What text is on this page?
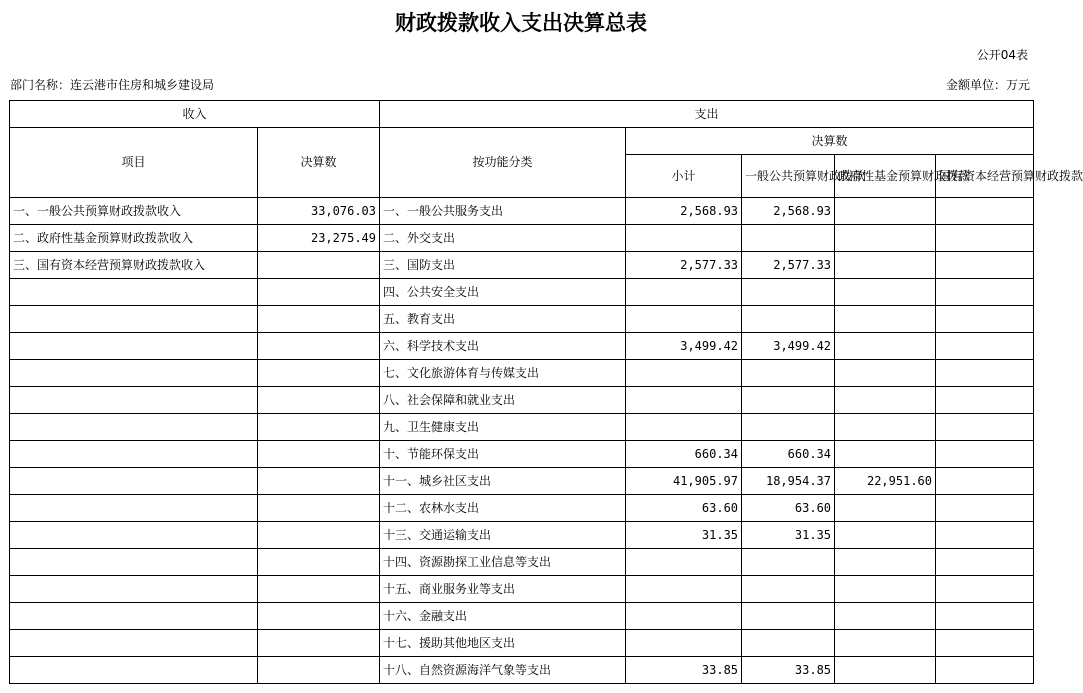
财政拨款收入支出决算总表
公开04表
部门名称：连云港市住房和城乡建设局	金额单位：万元
收入		支出				
项目	决算数	按功能分类	决算数			
			小计	一般公共预算财政拨款	政府性基金预算财政拨款	国有资本经营预算财政拨款
一、一般公共预算财政拨款收入	33,076.03	一、一般公共服务支出	2,568.93	2,568.93		
二、政府性基金预算财政拨款收入	23,275.49	二、外交支出				
三、国有资本经营预算财政拨款收入		三、国防支出	2,577.33	2,577.33		
		四、公共安全支出				
		五、教育支出				
		六、科学技术支出	3,499.42	3,499.42		
		七、文化旅游体育与传媒支出				
		八、社会保障和就业支出				
		九、卫生健康支出				
		十、节能环保支出	660.34	660.34		
		十一、城乡社区支出	41,905.97	18,954.37	22,951.60	
		十二、农林水支出	63.60	63.60		
		十三、交通运输支出	31.35	31.35		
		十四、资源勘探工业信息等支出				
		十五、商业服务业等支出				
		十六、金融支出				
		十七、援助其他地区支出				
		十八、自然资源海洋气象等支出	33.85	33.85		
